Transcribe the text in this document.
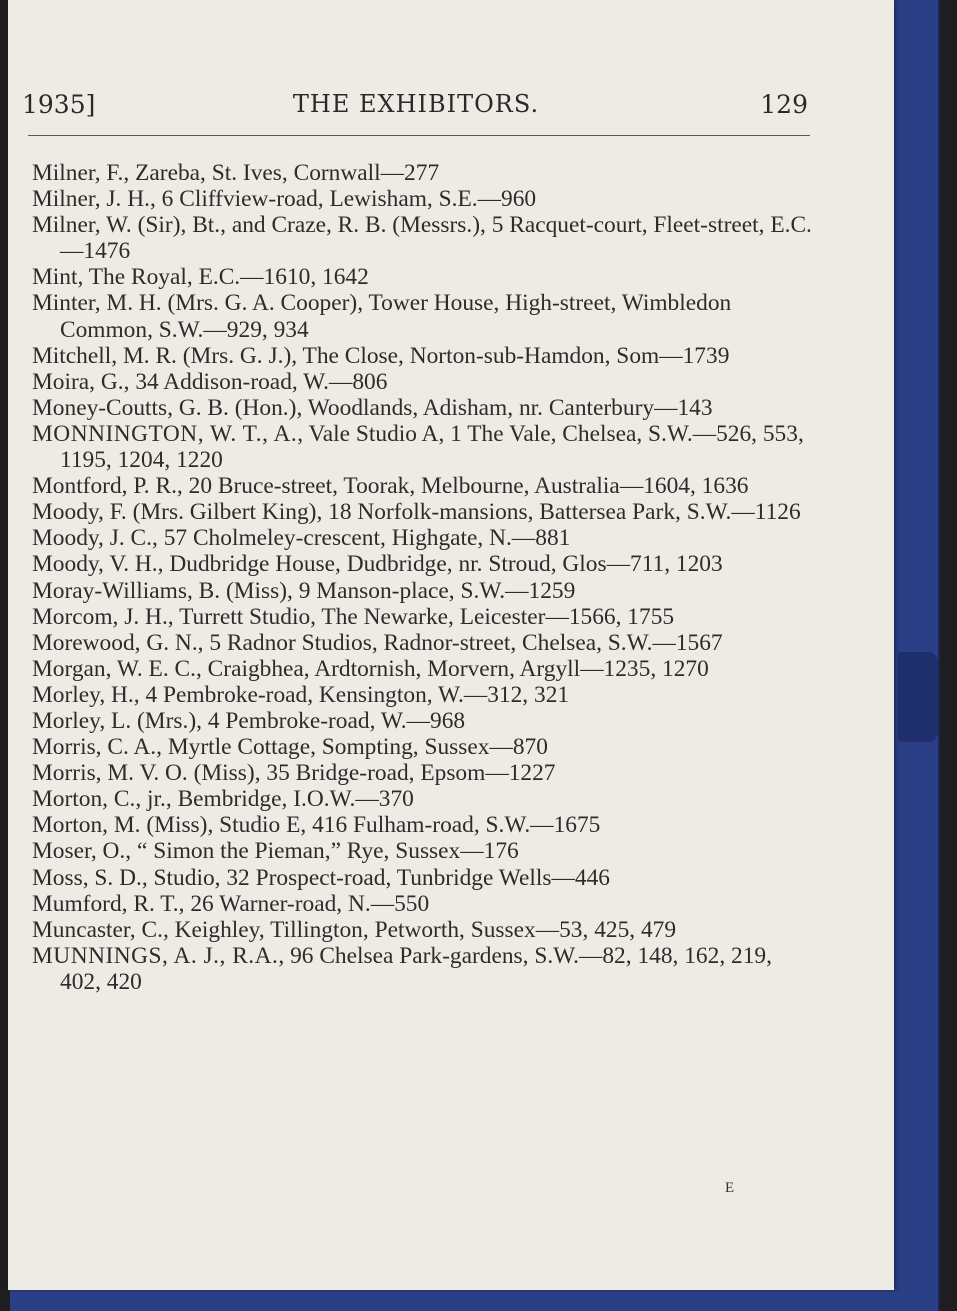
1935]	THE EXHIBITORS.	129
Milner, F., Zareba, St. Ives, Cornwall—277
Milner, J. H., 6 Cliffview-road, Lewisham, S.E.—960
Milner, W. (Sir), Bt., and Craze, R. B. (Messrs.), 5 Racquet-court, Fleet-street, E.C.—1476
Mint, The Royal, E.C.—1610, 1642
Minter, M. H. (Mrs. G. A. Cooper), Tower House, High-street, Wimbledon Common, S.W.—929, 934
Mitchell, M. R. (Mrs. G. J.), The Close, Norton-sub-Hamdon, Som—1739
Moira, G., 34 Addison-road, W.—806
Money-Coutts, G. B. (Hon.), Woodlands, Adisham, nr. Canterbury—143
MONNINGTON, W. T., A., Vale Studio A, 1 The Vale, Chelsea, S.W.—526, 553, 1195, 1204, 1220
Montford, P. R., 20 Bruce-street, Toorak, Melbourne, Australia—1604, 1636
Moody, F. (Mrs. Gilbert King), 18 Norfolk-mansions, Battersea Park, S.W.—1126
Moody, J. C., 57 Cholmeley-crescent, Highgate, N.—881
Moody, V. H., Dudbridge House, Dudbridge, nr. Stroud, Glos—711, 1203
Moray-Williams, B. (Miss), 9 Manson-place, S.W.—1259
Morcom, J. H., Turrett Studio, The Newarke, Leicester—1566, 1755
Morewood, G. N., 5 Radnor Studios, Radnor-street, Chelsea, S.W.—1567
Morgan, W. E. C., Craigbhea, Ardtornish, Morvern, Argyll—1235, 1270
Morley, H., 4 Pembroke-road, Kensington, W.—312, 321
Morley, L. (Mrs.), 4 Pembroke-road, W.—968
Morris, C. A., Myrtle Cottage, Sompting, Sussex—870
Morris, M. V. O. (Miss), 35 Bridge-road, Epsom—1227
Morton, C., jr., Bembridge, I.O.W.—370
Morton, M. (Miss), Studio E, 416 Fulham-road, S.W.—1675
Moser, O., “ Simon the Pieman,” Rye, Sussex—176
Moss, S. D., Studio, 32 Prospect-road, Tunbridge Wells—446
Mumford, R. T., 26 Warner-road, N.—550
Muncaster, C., Keighley, Tillington, Petworth, Sussex—53, 425, 479
MUNNINGS, A. J., R.A., 96 Chelsea Park-gardens, S.W.—82, 148, 162, 219, 402, 420
E
